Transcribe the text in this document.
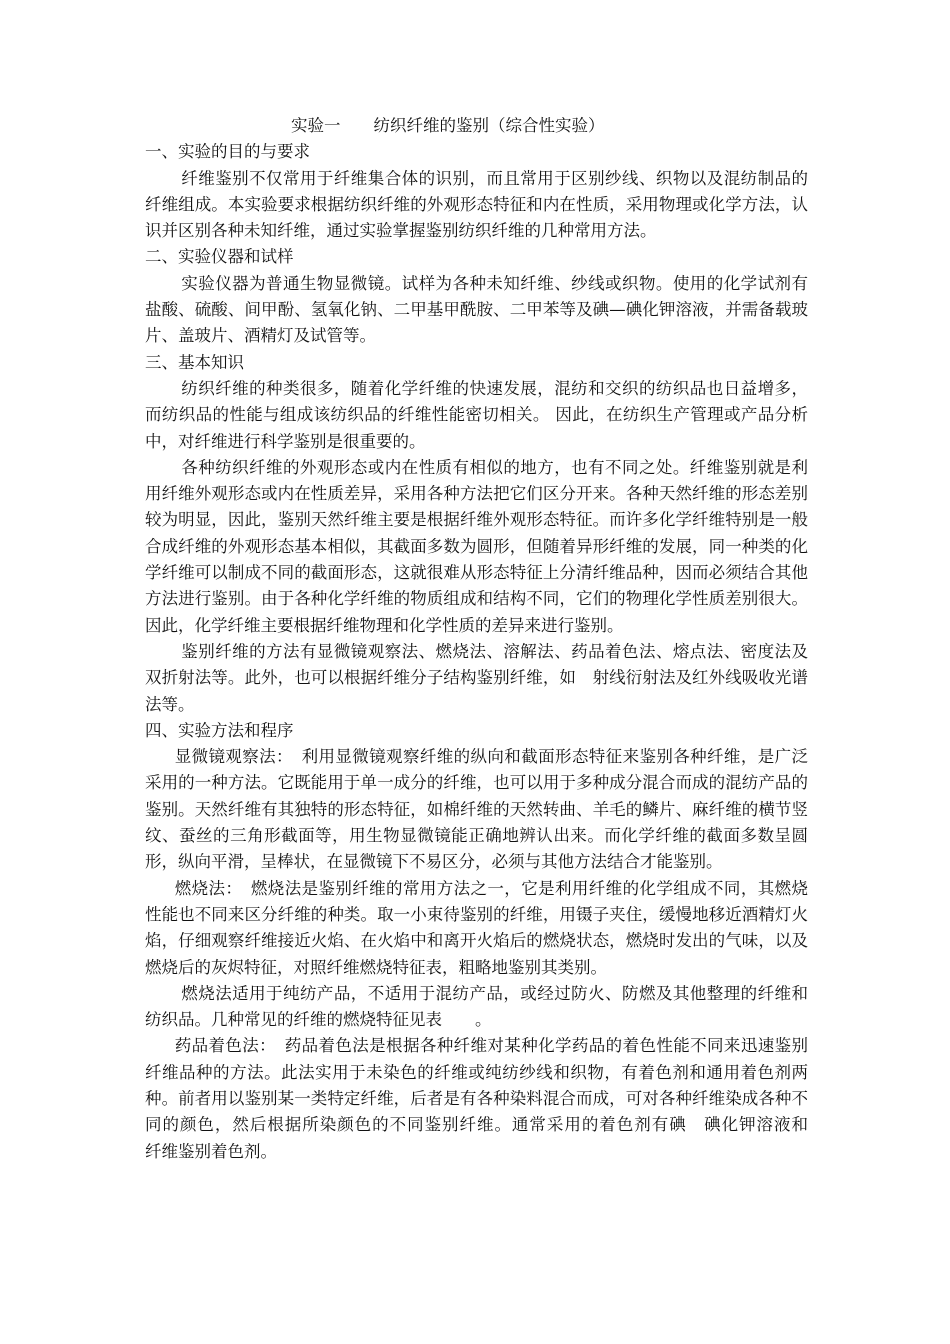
实验一　　纺织纤维的鉴别（综合性实验）
一、实验的目的与要求

纤维鉴别不仅常用于纤维集合体的识别，而且常用于区别纱线、织物以及混纺制品的纤维组成。本实验要求根据纺织纤维的外观形态特征和内在性质，采用物理或化学方法，认识并区别各种未知纤维，通过实验掌握鉴别纺织纤维的几种常用方法。

二、实验仪器和试样

实验仪器为普通生物显微镜。试样为各种未知纤维、纱线或织物。使用的化学试剂有盐酸、硫酸、间甲酚、氢氧化钠、二甲基甲酰胺、二甲苯等及碘—碘化钾溶液，并需备载玻片、盖玻片、酒精灯及试管等。

三、基本知识

纺织纤维的种类很多，随着化学纤维的快速发展，混纺和交织的纺织品也日益增多，而纺织品的性能与组成该纺织品的纤维性能密切相关。 因此，在纺织生产管理或产品分析中，对纤维进行科学鉴别是很重要的。

各种纺织纤维的外观形态或内在性质有相似的地方，也有不同之处。纤维鉴别就是利用纤维外观形态或内在性质差异，采用各种方法把它们区分开来。各种天然纤维的形态差别较为明显，因此，鉴别天然纤维主要是根据纤维外观形态特征。而许多化学纤维特别是一般合成纤维的外观形态基本相似，其截面多数为圆形，但随着异形纤维的发展，同一种类的化学纤维可以制成不同的截面形态，这就很难从形态特征上分清纤维品种，因而必须结合其他方法进行鉴别。由于各种化学纤维的物质组成和结构不同，它们的物理化学性质差别很大。因此，化学纤维主要根据纤维物理和化学性质的差异来进行鉴别。

鉴别纤维的方法有显微镜观察法、燃烧法、溶解法、药品着色法、熔点法、密度法及双折射法等。此外，也可以根据纤维分子结构鉴别纤维，如　射线衍射法及红外线吸收光谱法等。

四、实验方法和程序

显微镜观察法：　利用显微镜观察纤维的纵向和截面形态特征来鉴别各种纤维，是广泛采用的一种方法。它既能用于单一成分的纤维，也可以用于多种成分混合而成的混纺产品的鉴别。天然纤维有其独特的形态特征，如棉纤维的天然转曲、羊毛的鳞片、麻纤维的横节竖纹、蚕丝的三角形截面等，用生物显微镜能正确地辨认出来。而化学纤维的截面多数呈圆形，纵向平滑，呈棒状，在显微镜下不易区分，必须与其他方法结合才能鉴别。

燃烧法：　燃烧法是鉴别纤维的常用方法之一，它是利用纤维的化学组成不同，其燃烧性能也不同来区分纤维的种类。取一小束待鉴别的纤维，用镊子夹住，缓慢地移近酒精灯火焰，仔细观察纤维接近火焰、在火焰中和离开火焰后的燃烧状态，燃烧时发出的气味，以及燃烧后的灰烬特征，对照纤维燃烧特征表，粗略地鉴别其类别。

燃烧法适用于纯纺产品，不适用于混纺产品，或经过防火、防燃及其他整理的纤维和纺织品。几种常见的纤维的燃烧特征见表　　。

药品着色法：　药品着色法是根据各种纤维对某种化学药品的着色性能不同来迅速鉴别纤维品种的方法。此法实用于未染色的纤维或纯纺纱线和织物，有着色剂和通用着色剂两种。前者用以鉴别某一类特定纤维，后者是有各种染料混合而成，可对各种纤维染成各种不同的颜色，然后根据所染颜色的不同鉴别纤维。通常采用的着色剂有碘　碘化钾溶液和　　纤维鉴别着色剂。
